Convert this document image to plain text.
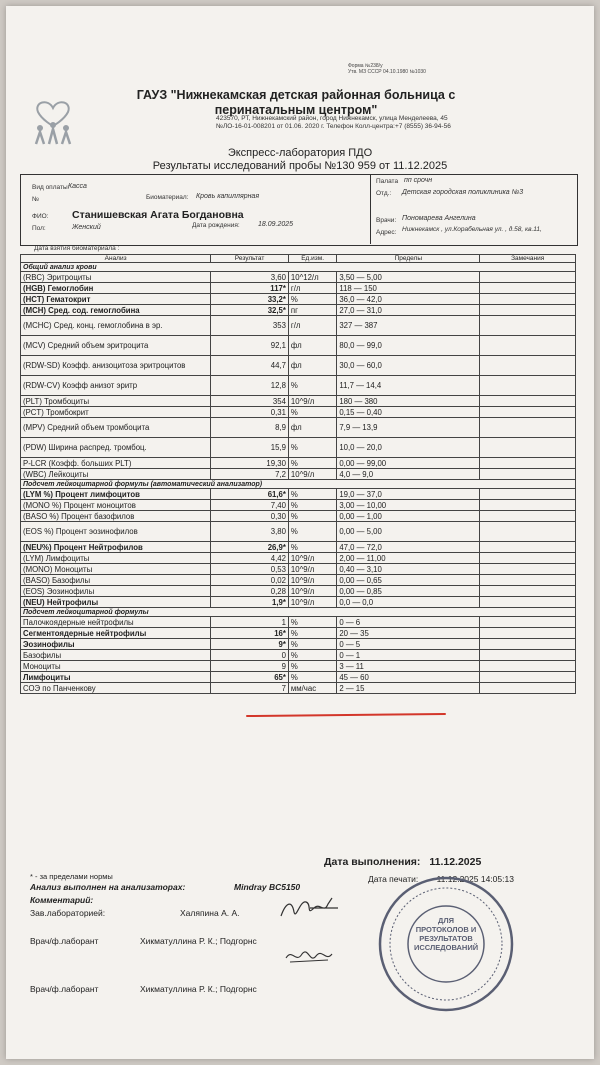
Форма №238/у
Утв. МЗ СССР 04.10.1980 №1030
ГАУЗ "Нижнекамская детская районная больница с перинатальным центром"
423570, РТ, Нижнекамский район, город Нижнекамск, улица Менделеева, 45
№ЛО-16-01-008201 от 01.06. 2020 г. Телефон Колл-центра:+7 (8555) 36-94-56
Экспресс-лаборатория ПДО
Результаты исследований пробы №130 959 от 11.12.2025
Вид оплаты:
Касса
№	Биоматериал: Кровь капиллярная
ФИО: Станишевская Агата Богдановна
Пол:	Женский	Дата рождения:	18.09.2025
Палата пп срочн
Отд.: Детская городская поликлиника №3
Врачи: Пономарева Ангелина
Адрес: Нижнекамск , ул.Корабельная ул. , д.58, кв.11,
Дата взятия биоматериала :
Анализ	Результат	Ед.изм.	Пределы	Замечания
Общий анализ крови				
(RBC) Эритроциты	3,60	10^12/л	3,50 — 5,00	
(HGB) Гемоглобин	117*	г/л	118 — 150	
(HCT) Гематокрит	33,2*	%	36,0 — 42,0	
(MCH) Сред. сод. гемоглобина	32,5*	пг	27,0 — 31,0	
(MCHC) Сред. конц. гемоглобина в эр.	353	г/л	327 — 387	
(MCV) Средний объем эритроцита	92,1	фл	80,0 — 99,0	
(RDW-SD) Коэфф. анизоцитоза эритроцитов	44,7	фл	30,0 — 60,0	
(RDW-CV) Коэфф анизот эритр	12,8	%	11,7 — 14,4	
(PLT) Тромбоциты	354	10^9/л	180 — 380	
(PCT) Тромбокрит	0,31	%	0,15 — 0,40	
(MPV) Средний объем тромбоцита	8,9	фл	7,9 — 13,9	
(PDW) Ширина распред. тромбоц.	15,9	%	10,0 — 20,0	
P-LCR (Коэфф. больших PLT)	19,30	%	0,00 — 99,00	
(WBC) Лейкоциты	7,2	10^9/л	4,0 — 9,0	
Подсчет лейкоцитарной формулы (автоматический анализатор)				
(LYM %) Процент лимфоцитов	61,6*	%	19,0 — 37,0	
(MONO %) Процент моноцитов	7,40	%	3,00 — 10,00	
(BASO %) Процент базофилов	0,30	%	0,00 — 1,00	
(EOS %) Процент эозинофилов	3,80	%	0,00 — 5,00	
(NEU%) Процент Нейтрофилов	26,9*	%	47,0 — 72,0	
(LYM) Лимфоциты	4,42	10^9/л	2,00 — 11,00	
(MONO) Моноциты	0,53	10^9/л	0,40 — 3,10	
(BASO) Базофилы	0,02	10^9/л	0,00 — 0,65	
(EOS) Эозинофилы	0,28	10^9/л	0,00 — 0,85	
(NEU) Нейтрофилы	1,9*	10^9/л	0,0 — 0,0	
Подсчет лейкоцитарной формулы				
Палочкоядерные нейтрофилы	1	%	0 — 6	
Сегментоядерные нейтрофилы	16*	%	20 — 35	
Эозинофилы	9*	%	0 — 5	
Базофилы	0	%	0 — 1	
Моноциты	9	%	3 — 11	
Лимфоциты	65*	%	45 — 60	
СОЭ по Панченкову	7	мм/час	2 — 15	
* - за пределами нормы
Дата выполнения: 11.12.2025
Анализ выполнен на анализаторах:	Mindray BC5150
Дата печати: 11.12.2025 14:05:13
Комментарий:
Зав.лабораторией:	Халяпина А. А.
Врач/ф.лаборант	Хикматуллина Р. К.; Подгорнс
Врач/ф.лаборант	Хикматуллина Р. К.; Подгорнс
ДЛЯ ПРОТОКОЛОВ И РЕЗУЛЬТАТОВ ИССЛЕДОВАНИЙ
